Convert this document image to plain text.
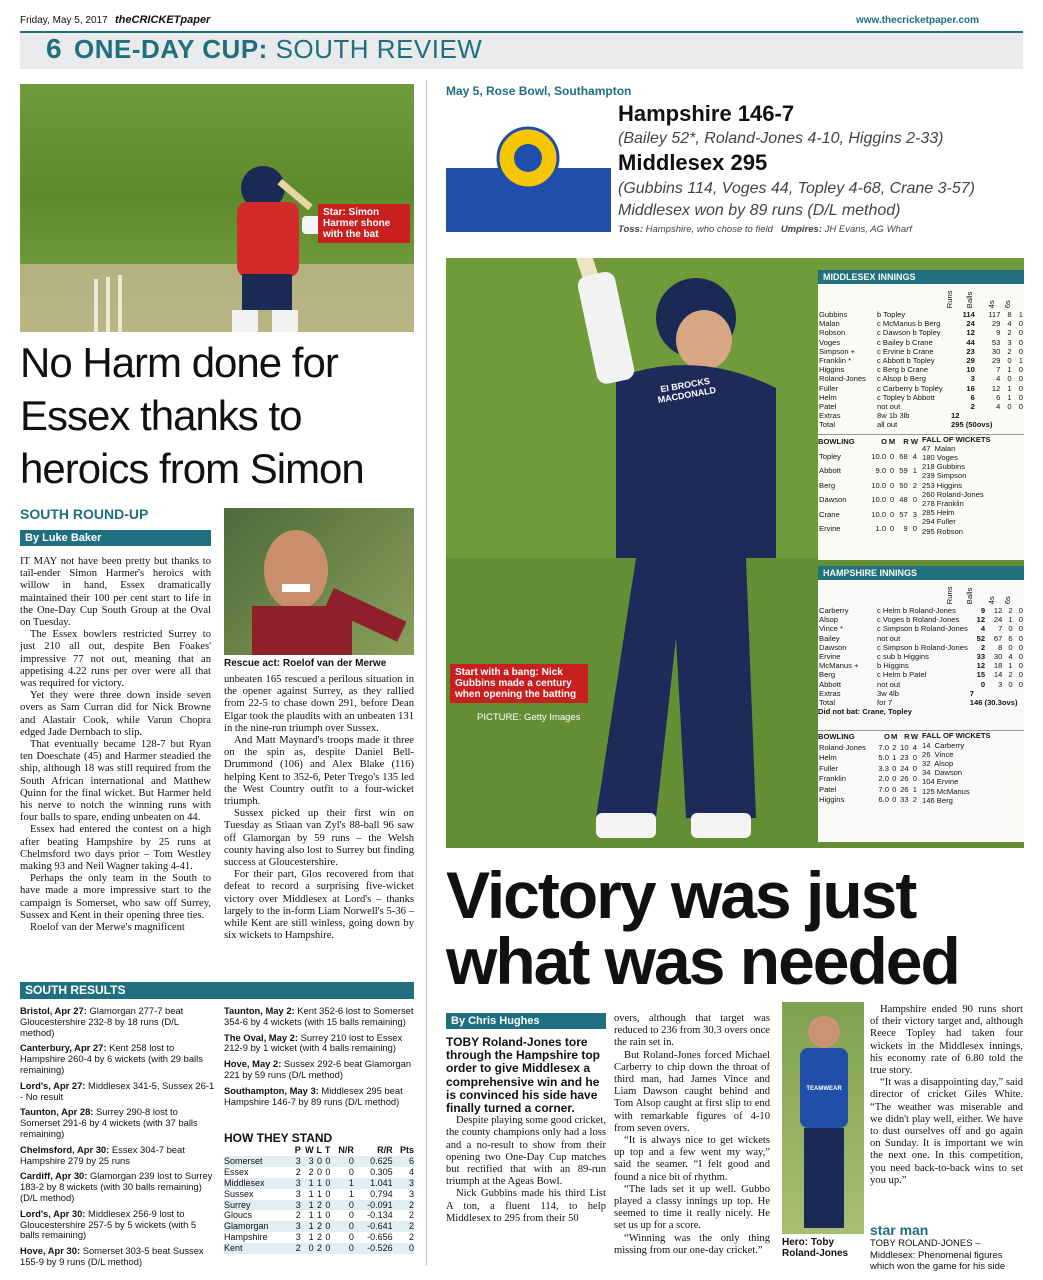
Friday, May 5, 2017 theCRICKETpaper	www.thecricketpaper.com
6 ONE-DAY CUP: SOUTH REVIEW
Star: Simon Harmer shone with the bat
No Harm done for Essex thanks to heroics from Simon
SOUTH ROUND-UP
By Luke Baker
Rescue act: Roelof van der Merwe

IT MAY not have been pretty but thanks to tail-ender Simon Harmer's heroics with willow in hand, Essex dramatically maintained their 100 per cent start to life in the One-Day Cup South Group at the Oval on Tuesday.

The Essex bowlers restricted Surrey to just 210 all out, despite Ben Foakes' impressive 77 not out, meaning that an appetising 4.22 runs per over were all that was required for victory.

Yet they were three down inside seven overs as Sam Curran did for Nick Browne and Alastair Cook, while Varun Chopra edged Jade Dernbach to slip.

That eventually became 128-7 but Ryan ten Doeschate (45) and Harmer steadied the ship, although 18 was still required from the South African international and Matthew Quinn for the final wicket. But Harmer held his nerve to notch the winning runs with four balls to spare, ending unbeaten on 44.

Essex had entered the contest on a high after beating Hampshire by 25 runs at Chelmsford two days prior – Tom Westley making 93 and Neil Wagner taking 4-41.

Perhaps the only team in the South to have made a more impressive start to the campaign is Somerset, who saw off Surrey, Sussex and Kent in their opening three ties.

Roelof van der Merwe's magnificent

unbeaten 165 rescued a perilous situation in the opener against Surrey, as they rallied from 22-5 to chase down 291, before Dean Elgar took the plaudits with an unbeaten 131 in the nine-run triumph over Sussex.

And Matt Maynard's troops made it three on the spin as, despite Daniel Bell-Drummond (106) and Alex Blake (116) helping Kent to 352-6, Peter Trego's 135 led the West Country outfit to a four-wicket triumph.

Sussex picked up their first win on Tuesday as Stiaan van Zyl's 88-ball 96 saw off Glamorgan by 59 runs – the Welsh county having also lost to Surrey but finding success at Gloucestershire.

For their part, Glos recovered from that defeat to record a surprising five-wicket victory over Middlesex at Lord's – thanks largely to the in-form Liam Norwell's 5-36 – while Kent are still winless, going down by six wickets to Hampshire.

SOUTH RESULTS
Bristol, Apr 27: Glamorgan 277-7 beat Gloucestershire 232-8 by 18 runs (D/L method)
Canterbury, Apr 27: Kent 258 lost to Hampshire 260-4 by 6 wickets (with 29 balls remaining)
Lord's, Apr 27: Middlesex 341-5, Sussex 26-1 - No result
Taunton, Apr 28: Surrey 290-8 lost to Somerset 291-6 by 4 wickets (with 37 balls remaining)
Chelmsford, Apr 30: Essex 304-7 beat Hampshire 279 by 25 runs
Cardiff, Apr 30: Glamorgan 239 lost to Surrey 183-2 by 8 wickets (with 30 balls remaining) (D/L method)
Lord's, Apr 30: Middlesex 256-9 lost to Gloucestershire 257-5 by 5 wickets (with 5 balls remaining)
Hove, Apr 30: Somerset 303-5 beat Sussex 155-9 by 9 runs (D/L method)
Taunton, May 2: Kent 352-6 lost to Somerset 354-6 by 4 wickets (with 15 balls remaining)
The Oval, May 2: Surrey 210 lost to Essex 212-9 by 1 wicket (with 4 balls remaining)
Hove, May 2: Sussex 292-6 beat Glamorgan 221 by 59 runs (D/L method)
Southampton, May 3: Middlesex 295 beat Hampshire 146-7 by 89 runs (D/L method)
HOW THEY STAND
	P	W	L	T	N/R	R/R	Pts
Somerset	3	3	0	0	0	0.625	6
Essex	2	2	0	0	0	0.305	4
Middlesex	3	1	1	0	1	1.041	3
Sussex	3	1	1	0	1	0.794	3
Surrey	3	1	2	0	0	-0.091	2
Gloucs	2	1	1	0	0	-0.134	2
Glamorgan	3	1	2	0	0	-0.641	2
Hampshire	3	1	2	0	0	-0.656	2
Kent	2	0	2	0	0	-0.526	0
May 5, Rose Bowl, Southampton
Hampshire 146-7
(Bailey 52*, Roland-Jones 4-10, Higgins 2-33)
Middlesex 295
(Gubbins 114, Voges 44, Topley 4-68, Crane 3-57)
Middlesex won by 89 runs (D/L method)
Toss: Hampshire, who chose to field Umpires: JH Evans, AG Wharf
EI BROCKS MACDONALD
Start with a bang: Nick Gubbins made a century when opening the batting
PICTURE: Getty Images
MIDDLESEX INNINGS
Runs Balls 4s 6s
Gubbins	b Topley	114	117	8	1
Malan	c McManus b Berg	24	29	4	0
Robson	c Dawson b Topley	12	9	2	0
Voges	c Bailey b Crane	44	53	3	0
Simpson +	c Ervine b Crane	23	30	2	0
Franklin *	c Abbott b Topley	29	29	0	1
Higgins	c Berg b Crane	10	7	1	0
Roland-Jones	c Alsop b Berg	3	4	0	0
Fuller	c Carberry b Topley	16	12	1	0
Helm	c Topley b Abbott	6	6	1	0
Patel	not out	2	4	0	0
Extras	8w 1b 3lb	12			
Total	all out	295 (50ovs)			
BOWLING	O	M	R	W
Topley	10.0	0	68	4
Abbott	9.0	0	59	1
Berg	10.0	0	50	2
Dawson	10.0	0	48	0
Crane	10.0	0	57	3
Ervine	1.0	0	9	0
FALL OF WICKETS
47  Malan
180 Voges
218 Gubbins
239 Simpson
253 Higgins
260 Roland-Jones
278 Franklin
285 Helm
294 Fuller
295 Robson
HAMPSHIRE INNINGS
Runs Balls 4s 6s
Carberry	c Helm b Roland-Jones	9	12	2	0
Alsop	c Voges b Roland-Jones	12	24	1	0
Vince *	c Simpson b Roland-Jones	4	7	0	0
Bailey	not out	52	67	6	0
Dawson	c Simpson b Roland-Jones	2	8	0	0
Ervine	c sub b Higgins	33	30	4	0
McManus +	b Higgins	12	18	1	0
Berg	c Helm b Patel	15	14	2	0
Abbott	not out	0	3	0	0
Extras	3w 4lb	7			
Total	for 7	146 (30.3ovs)			
Did not bat: Crane, Topley
BOWLING	O	M	R	W
Roland-Jones	7.0	2	10	4
Helm	5.0	1	23	0
Fuller	3.3	0	24	0
Franklin	2.0	0	26	0
Patel	7.0	0	26	1
Higgins	6.0	0	33	2
FALL OF WICKETS
14  Carberry
26  Vince
32  Alsop
34  Dawson
104 Ervine
125 McManus
146 Berg
Victory was just what was needed
By Chris Hughes

TOBY Roland-Jones tore through the Hampshire top order to give Middlesex a comprehensive win and he is convinced his side have finally turned a corner.

Despite playing some good cricket, the county champions only had a loss and a no-result to show from their opening two One-Day Cup matches but rectified that with an 89-run triumph at the Ageas Bowl.

Nick Gubbins made his third List A ton, a fluent 114, to help Middlesex to 295 from their 50

overs, although that target was reduced to 236 from 30.3 overs once the rain set in.

But Roland-Jones forced Michael Carberry to chip down the throat of third man, had James Vince and Liam Dawson caught behind and Tom Alsop caught at first slip to end with remarkable figures of 4-10 from seven overs.

“It is always nice to get wickets up top and a few went my way,” said the seamer. “I felt good and found a nice bit of rhythm.

“The lads set it up well. Gubbo played a classy innings up top. He seemed to time it really nicely. He set us up for a score.

“Winning was the only thing missing from our one-day cricket.”

TEAMWEAR
Hero: Toby Roland-Jones

Hampshire ended 90 runs short of their victory target and, although Reece Topley had taken four wickets in the Middlesex innings, his economy rate of 6.80 told the true story.

“It was a disappointing day,” said director of cricket Giles White. “The weather was miserable and we didn't play well, either. We have to dust ourselves off and go again on Sunday. It is important we win the next one. In this competition, you need back-to-back wins to set you up.”

star man
TOBY ROLAND-JONES – Middlesex: Phenomenal figures which won the game for his side
